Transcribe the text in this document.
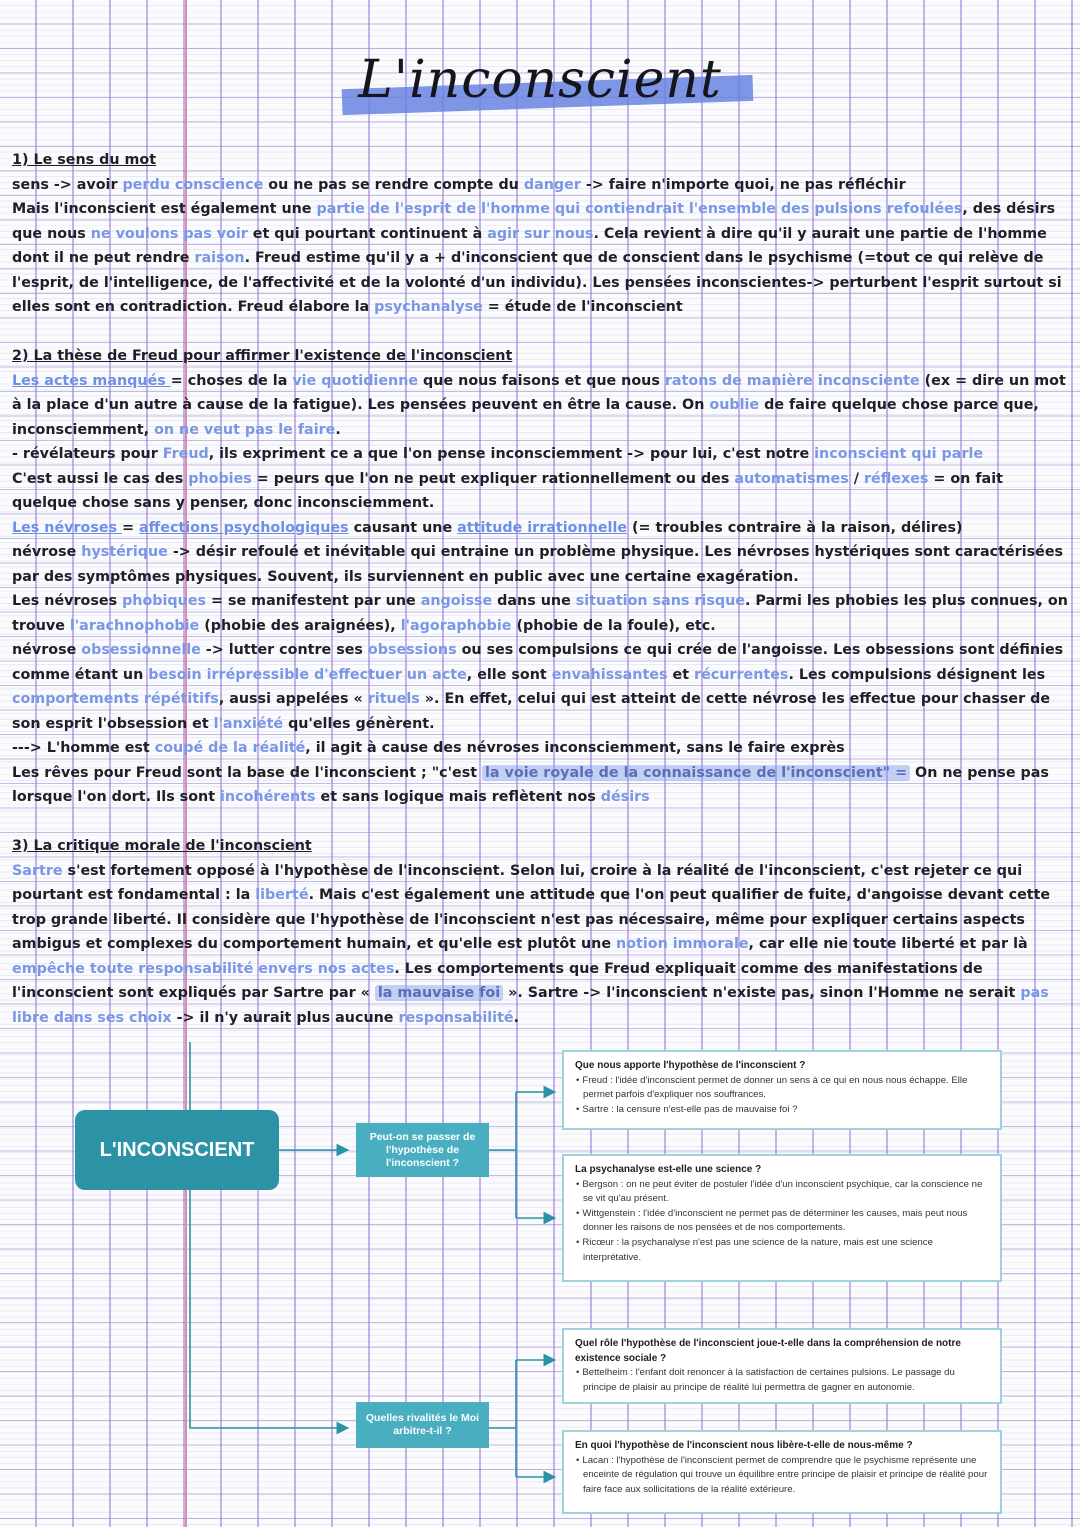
L'inconscient

1) Le sens du mot

sens -> avoir perdu conscience ou ne pas se rendre compte du danger -> faire n'importe quoi, ne pas réfléchir

Mais l'inconscient est également une partie de l'esprit de l'homme qui contiendrait l'ensemble des pulsions refoulées, des désirs que nous ne voulons pas voir et qui pourtant continuent à agir sur nous. Cela revient à dire qu'il y aurait une partie de l'homme dont il ne peut rendre raison. Freud estime qu'il y a + d'inconscient que de conscient dans le psychisme (=tout ce qui relève de l'esprit, de l'intelligence, de l'affectivité et de la volonté d'un individu). Les pensées inconscientes-> perturbent l'esprit surtout si elles sont en contradiction. Freud élabore la psychanalyse = étude de l'inconscient

2) La thèse de Freud pour affirmer l'existence de l'inconscient

Les actes manqués = choses de la vie quotidienne que nous faisons et que nous ratons de manière inconsciente (ex = dire un mot à la place d'un autre à cause de la fatigue). Les pensées peuvent en être la cause. On oublie de faire quelque chose parce que, inconsciemment, on ne veut pas le faire.

- révélateurs pour Freud, ils expriment ce a que l'on pense inconsciemment -> pour lui, c'est notre inconscient qui parle

C'est aussi le cas des phobies = peurs que l'on ne peut expliquer rationnellement ou des automatismes / réflexes = on fait quelque chose sans y penser, donc inconsciemment.

Les névroses = affections psychologiques causant une attitude irrationnelle (= troubles contraire à la raison, délires)

névrose hystérique -> désir refoulé et inévitable qui entraine un problème physique. Les névroses hystériques sont caractérisées par des symptômes physiques. Souvent, ils surviennent en public avec une certaine exagération.

Les névroses phobiques = se manifestent par une angoisse dans une situation sans risque. Parmi les phobies les plus connues, on trouve l'arachnophobie (phobie des araignées), l'agoraphobie (phobie de la foule), etc.

névrose obsessionnelle -> lutter contre ses obsessions ou ses compulsions ce qui crée de l'angoisse. Les obsessions sont définies comme étant un besoin irrépressible d'effectuer un acte, elle sont envahissantes et récurrentes. Les compulsions désignent les comportements répétitifs, aussi appelées « rituels ». En effet, celui qui est atteint de cette névrose les effectue pour chasser de son esprit l'obsession et l'anxiété qu'elles génèrent.

---> L'homme est coupé de la réalité, il agit à cause des névroses inconsciemment, sans le faire exprès

Les rêves pour Freud sont la base de l'inconscient ; "c'est la voie royale de la connaissance de l'inconscient" = On ne pense pas lorsque l'on dort. Ils sont incohérents et sans logique mais reflètent nos désirs

3) La critique morale de l'inconscient

Sartre s'est fortement opposé à l'hypothèse de l'inconscient. Selon lui, croire à la réalité de l'inconscient, c'est rejeter ce qui pourtant est fondamental : la liberté. Mais c'est également une attitude que l'on peut qualifier de fuite, d'angoisse devant cette trop grande liberté. Il considère que l'hypothèse de l'inconscient n'est pas nécessaire, même pour expliquer certains aspects ambigus et complexes du comportement humain, et qu'elle est plutôt une notion immorale, car elle nie toute liberté et par là empêche toute responsabilité envers nos actes. Les comportements que Freud expliquait comme des manifestations de l'inconscient sont expliqués par Sartre par « la mauvaise foi ». Sartre -> l'inconscient n'existe pas, sinon l'Homme ne serait pas libre dans ses choix -> il n'y aurait plus aucune responsabilité.

L'INCONSCIENT
Peut-on se passer de l'hypothèse de l'inconscient ?
Quelles rivalités le Moi arbitre-t-il ?
Que nous apporte l'hypothèse de l'inconscient ?
• Freud : l'idée d'inconscient permet de donner un sens à ce qui en nous nous échappe. Elle permet parfois d'expliquer nos souffrances.
• Sartre : la censure n'est-elle pas de mauvaise foi ?
La psychanalyse est-elle une science ?
• Bergson : on ne peut éviter de postuler l'idée d'un inconscient psychique, car la conscience ne se vit qu'au présent.
• Wittgenstein : l'idée d'inconscient ne permet pas de déterminer les causes, mais peut nous donner les raisons de nos pensées et de nos comportements.
• Ricœur : la psychanalyse n'est pas une science de la nature, mais est une science interprétative.
Quel rôle l'hypothèse de l'inconscient joue-t-elle dans la compréhension de notre existence sociale ?
• Bettelheim : l'enfant doit renoncer à la satisfaction de certaines pulsions. Le passage du principe de plaisir au principe de réalité lui permettra de gagner en autonomie.
En quoi l'hypothèse de l'inconscient nous libère-t-elle de nous-même ?
• Lacan : l'hypothèse de l'inconscient permet de comprendre que le psychisme représente une enceinte de régulation qui trouve un équilibre entre principe de plaisir et principe de réalité pour faire face aux sollicitations de la réalité extérieure.
